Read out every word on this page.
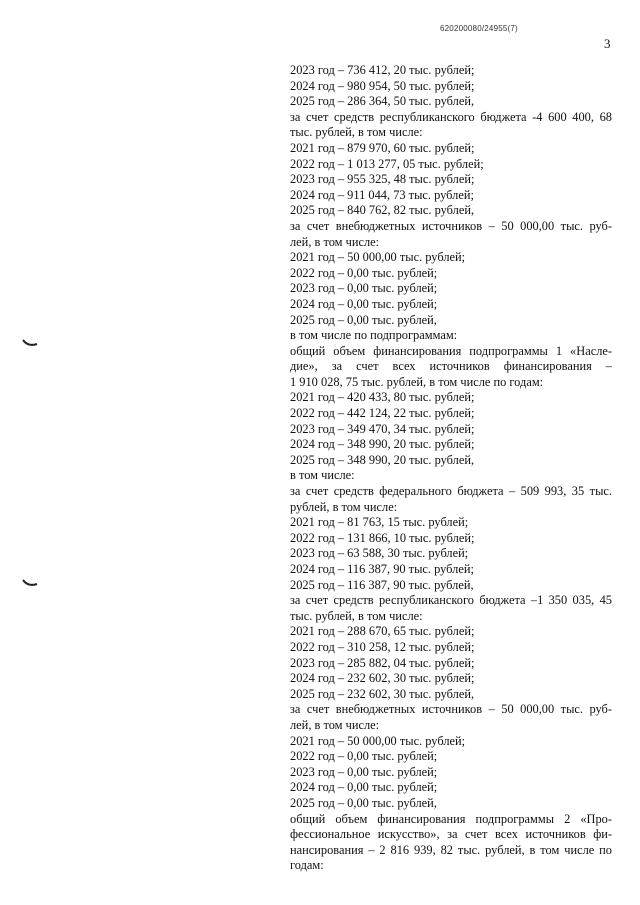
620200080/24955(7)
3
2023 год – 736 412, 20 тыс. рублей;
2024 год – 980 954, 50 тыс. рублей;
2025 год – 286 364, 50 тыс. рублей,
за счет средств республиканского бюджета -4 600 400, 68
тыс. рублей, в том числе:
2021 год – 879 970, 60 тыс. рублей;
2022 год – 1 013 277, 05 тыс. рублей;
2023 год – 955 325, 48 тыс. рублей;
2024 год – 911 044, 73 тыс. рублей;
2025 год – 840 762, 82 тыс. рублей,
за счет внебюджетных источников – 50 000,00 тыс. руб-
лей, в том числе:
2021 год – 50 000,00 тыс. рублей;
2022 год – 0,00 тыс. рублей;
2023 год – 0,00 тыс. рублей;
2024 год – 0,00 тыс. рублей;
2025 год – 0,00 тыс. рублей,
в том числе по подпрограммам:
общий объем финансирования подпрограммы 1 «Насле-
дие», за счет всех источников финансирования –
1 910 028, 75 тыс. рублей, в том числе по годам:
2021 год – 420 433, 80 тыс. рублей;
2022 год – 442 124, 22 тыс. рублей;
2023 год – 349 470, 34 тыс. рублей;
2024 год – 348 990, 20 тыс. рублей;
2025 год – 348 990, 20 тыс. рублей,
в том числе:
за счет средств федерального бюджета – 509 993, 35 тыс.
рублей, в том числе:
2021 год – 81 763, 15 тыс. рублей;
2022 год – 131 866, 10 тыс. рублей;
2023 год – 63 588, 30 тыс. рублей;
2024 год – 116 387, 90 тыс. рублей;
2025 год – 116 387, 90 тыс. рублей,
за счет средств республиканского бюджета –1 350 035, 45
тыс. рублей, в том числе:
2021 год – 288 670, 65 тыс. рублей;
2022 год – 310 258, 12 тыс. рублей;
2023 год – 285 882, 04 тыс. рублей;
2024 год – 232 602, 30 тыс. рублей;
2025 год – 232 602, 30 тыс. рублей,
за счет внебюджетных источников – 50 000,00 тыс. руб-
лей, в том числе:
2021 год – 50 000,00 тыс. рублей;
2022 год – 0,00 тыс. рублей;
2023 год – 0,00 тыс. рублей;
2024 год – 0,00 тыс. рублей;
2025 год – 0,00 тыс. рублей,
общий объем финансирования подпрограммы 2 «Про-
фессиональное искусство», за счет всех источников фи-
нансирования – 2 816 939, 82 тыс. рублей, в том числе по
годам:
